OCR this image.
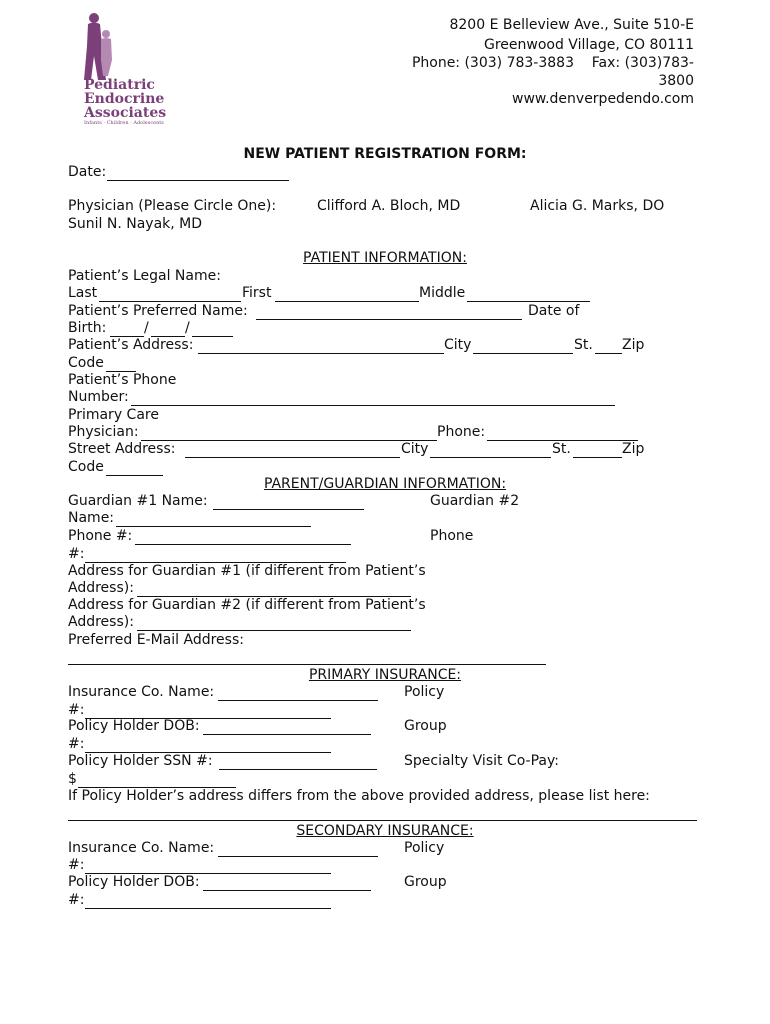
Pediatric
Endocrine
Associates
Infants · Children · Adolescents
8200 E Belleview Ave., Suite 510-E
Greenwood Village, CO 80111
Phone: (303) 783-3883    Fax: (303)783-
3800
www.denverpedendo.com
NEW PATIENT REGISTRATION FORM:
Date:
Physician (Please Circle One):	Clifford A. Bloch, MD	Alicia G. Marks, DO
Sunil N. Nayak, MD
PATIENT INFORMATION:
Patient’s Legal Name:
Last	First	Middle
Patient’s Preferred Name:	Date of
Birth:	/	/
Patient’s Address:	City	St. Zip
Code
Patient’s Phone
Number:
Primary Care
Physician:	Phone:
Street Address:	City	St.	Zip
Code
PARENT/GUARDIAN INFORMATION:
Guardian #1 Name:	Guardian #2
Name:
Phone #:	Phone
#:
Address for Guardian #1 (if different from Patient’s
Address):
Address for Guardian #2 (if different from Patient’s
Address):
Preferred E-Mail Address:
PRIMARY INSURANCE:
Insurance Co. Name:	Policy
#:
Policy Holder DOB:	Group
#:
Policy Holder SSN #:	Specialty Visit Co-Pay:
$
If Policy Holder’s address differs from the above provided address, please list here:
SECONDARY INSURANCE:
Insurance Co. Name:	Policy
#:
Policy Holder DOB:	Group
#:
